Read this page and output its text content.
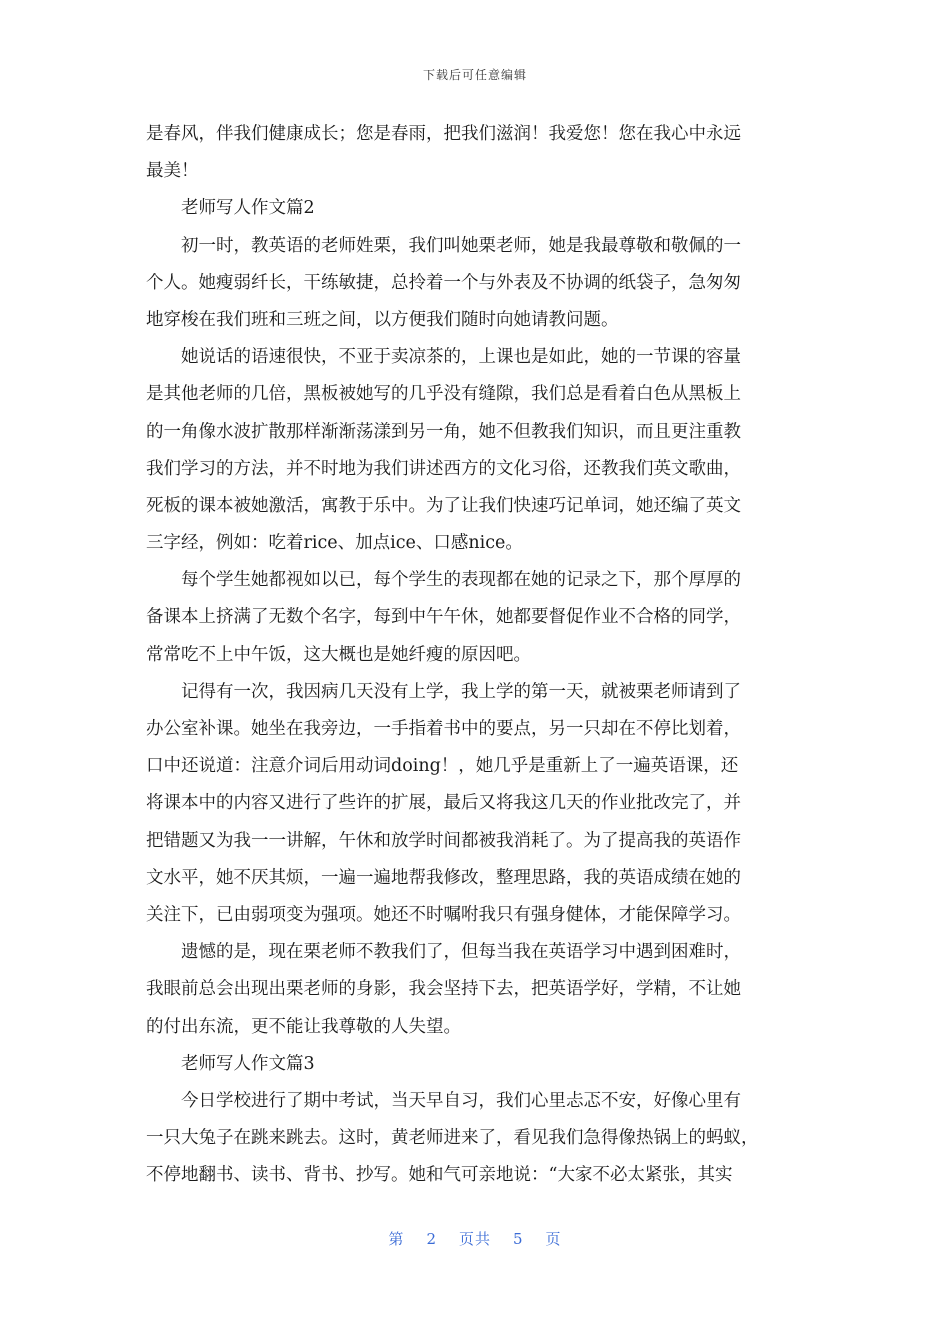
下载后可任意编辑
是春风，伴我们健康成长；您是春雨，把我们滋润！我爱您！您在我心中永远
最美！
老师写人作文篇2
初一时，教英语的老师姓栗，我们叫她栗老师，她是我最尊敬和敬佩的一
个人。她瘦弱纤长，干练敏捷，总拎着一个与外表及不协调的纸袋子，急匆匆
地穿梭在我们班和三班之间，以方便我们随时向她请教问题。
她说话的语速很快，不亚于卖凉茶的，上课也是如此，她的一节课的容量
是其他老师的几倍，黑板被她写的几乎没有缝隙，我们总是看着白色从黑板上
的一角像水波扩散那样渐渐荡漾到另一角，她不但教我们知识，而且更注重教
我们学习的方法，并不时地为我们讲述西方的文化习俗，还教我们英文歌曲，
死板的课本被她激活，寓教于乐中。为了让我们快速巧记单词，她还编了英文
三字经，例如：吃着rice、加点ice、口感nice。
每个学生她都视如以已，每个学生的表现都在她的记录之下，那个厚厚的
备课本上挤满了无数个名字，每到中午午休，她都要督促作业不合格的同学，
常常吃不上中午饭，这大概也是她纤瘦的原因吧。
记得有一次，我因病几天没有上学，我上学的第一天，就被栗老师请到了
办公室补课。她坐在我旁边，一手指着书中的要点，另一只却在不停比划着，
口中还说道：注意介词后用动词doing！，她几乎是重新上了一遍英语课，还
将课本中的内容又进行了些许的扩展，最后又将我这几天的作业批改完了，并
把错题又为我一一讲解，午休和放学时间都被我消耗了。为了提高我的英语作
文水平，她不厌其烦，一遍一遍地帮我修改，整理思路，我的英语成绩在她的
关注下，已由弱项变为强项。她还不时嘱咐我只有强身健体，才能保障学习。
遗憾的是，现在栗老师不教我们了，但每当我在英语学习中遇到困难时，
我眼前总会出现出栗老师的身影，我会坚持下去，把英语学好，学精，不让她
的付出东流，更不能让我尊敬的人失望。
老师写人作文篇3
今日学校进行了期中考试，当天早自习，我们心里忐忑不安，好像心里有
一只大兔子在跳来跳去。这时，黄老师进来了，看见我们急得像热锅上的蚂蚁，
不停地翻书、读书、背书、抄写。她和气可亲地说：“大家不必太紧张，其实
第 2 页共 5 页
